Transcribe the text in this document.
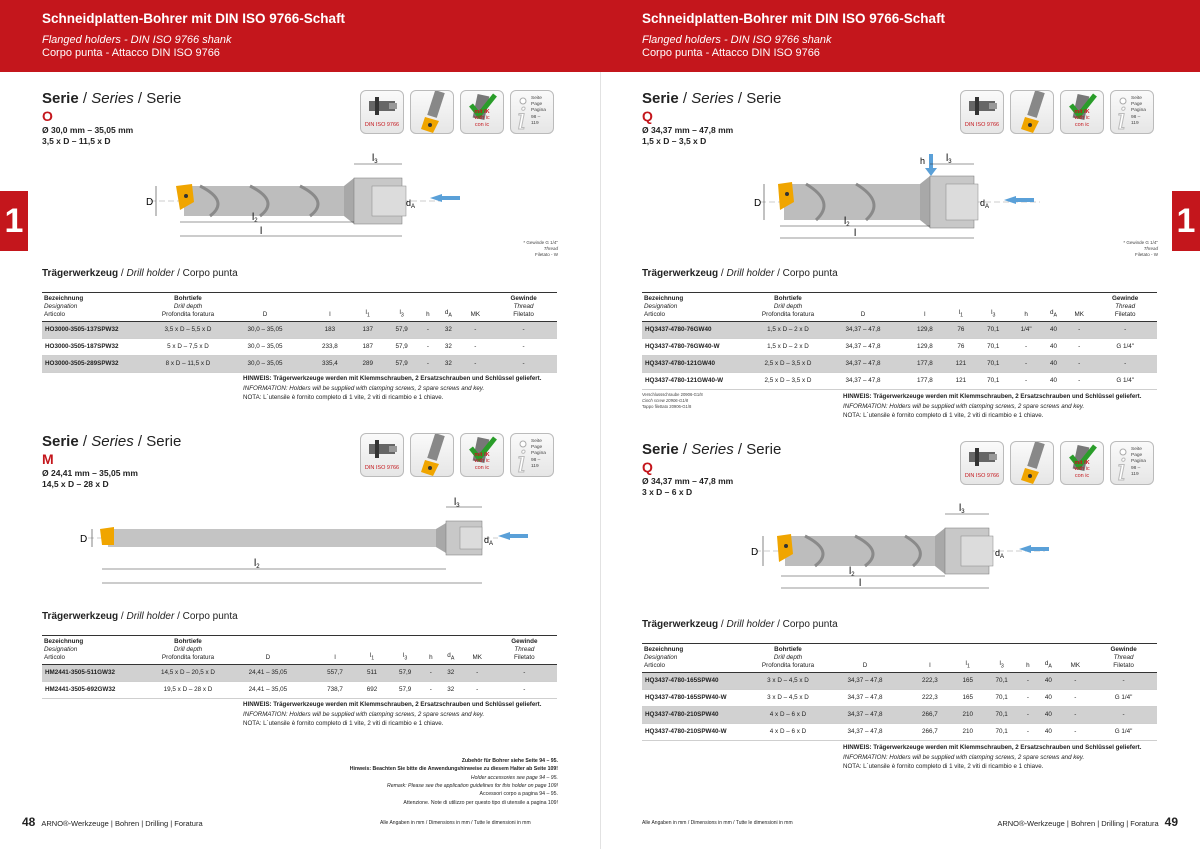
Schneidplatten-Bohrer mit DIN ISO 9766-Schaft
Flanged holders - DIN ISO 9766 shank
Corpo punta - Attacco DIN ISO 9766
1
Serie / Series / Serie
O
Ø 30,0 mm – 35,05 mm
3,5 x D – 11,5 x D
DIN ISO 9766
mit IK
with ic
con ic i
Seite
Page
Pagina
98 – 119
D
$l_3$
$l_2$
l
$d_A$
* Gewinde G 1/4"
Thread
Filetato - W
Trägerwerkzeug / Drill holder / Corpo punta
Bezeichnung
Designation
Articolo	Bohrtiefe
Drill depth
Profondita foratura	D	l	$l_1$	$l_3$	h	$d_A$	MK	Gewinde
Thread
Filetato
HO3000-3505-137SPW32	3,5 x D – 5,5 x D	30,0 – 35,05	183	137	57,9	-	32	-	-
HO3000-3505-187SPW32	5 x D – 7,5 x D	30,0 – 35,05	233,8	187	57,9	-	32	-	-
HO3000-3505-289SPW32	8 x D – 11,5 x D	30,0 – 35,05	335,4	289	57,9	-	32	-	-
HINWEIS: Trägerwerkzeuge werden mit Klemmschrauben, 2 Ersatzschrauben und Schlüssel geliefert.
INFORMATION: Holders will be supplied with clamping screws, 2 spare screws and key.
NOTA: L´utensile è fornito completo di 1 vite, 2 viti di ricambio e 1 chiave.
Serie / Series / Serie
M
Ø 24,41 mm – 35,05 mm
14,5 x D – 28 x D
DIN ISO 9766
mit IK
with ic
con ic i
Seite
Page
Pagina
98 – 119
D
$l_3$
$l_2$
$d_A$
Trägerwerkzeug / Drill holder / Corpo punta
Bezeichnung
Designation
Articolo	Bohrtiefe
Drill depth
Profondita foratura	D	l	$l_1$	$l_3$	h	$d_A$	MK	Gewinde
Thread
Filetato
HM2441-3505-511GW32	14,5 x D – 20,5 x D	24,41 – 35,05	557,7	511	57,9	-	32	-	-
HM2441-3505-692GW32	19,5 x D – 28 x D	24,41 – 35,05	738,7	692	57,9	-	32	-	-
HINWEIS: Trägerwerkzeuge werden mit Klemmschrauben, 2 Ersatzschrauben und Schlüssel geliefert.
INFORMATION: Holders will be supplied with clamping screws, 2 spare screws and key.
NOTA: L´utensile è fornito completo di 1 vite, 2 viti di ricambio e 1 chiave.
Zubehör für Bohrer siehe Seite 94 – 95.
Hinweis: Beachten Sie bitte die Anwendungshinweise zu diesem Halter ab Seite 109!
Holder accessories see page 94 – 95.
Remark: Please see the application guidelines for this holder on page 109!
Accessori corpo a pagina 94 – 95.
Attenzione. Note di utilizzo per questo tipo di utensile a pagina 109!
48 ARNO®-Werkzeuge | Bohren | Drilling | Foratura	Alle Angaben in mm / Dimensions in mm / Tutte le dimensioni in mm
Schneidplatten-Bohrer mit DIN ISO 9766-Schaft
Flanged holders - DIN ISO 9766 shank
Corpo punta - Attacco DIN ISO 9766
1
Serie / Series / Serie
Q
Ø 34,37 mm – 47,8 mm
1,5 x D – 3,5 x D
DIN ISO 9766
mit IK
with ic
con ic i
Seite
Page
Pagina
98 – 119
h
D
$l_3$
$l_2$
l
$d_A$
* Gewinde G 1/4"
Thread
Filetato - W
Trägerwerkzeug / Drill holder / Corpo punta
Bezeichnung
Designation
Articolo	Bohrtiefe
Drill depth
Profondita foratura	D	l	$l_1$	$l_3$	h	$d_A$	MK	Gewinde
Thread
Filetato
HQ3437-4780-76GW40	1,5 x D – 2 x D	34,37 – 47,8	129,8	76	70,1	1/4"	40	-	-
HQ3437-4780-76GW40-W	1,5 x D – 2 x D	34,37 – 47,8	129,8	76	70,1	-	40	-	G 1/4"
HQ3437-4780-121GW40	2,5 x D – 3,5 x D	34,37 – 47,8	177,8	121	70,1	-	40	-	-
HQ3437-4780-121GW40-W	2,5 x D – 3,5 x D	34,37 – 47,8	177,8	121	70,1	-	40	-	G 1/4"
Verschlussschraube 20906-G1/8
Cinch screw 20906-G1/8
Tappo filettato 20906-G1/8
HINWEIS: Trägerwerkzeuge werden mit Klemmschrauben, 2 Ersatzschrauben und Schlüssel geliefert.
INFORMATION: Holders will be supplied with clamping screws, 2 spare screws and key.
NOTA: L´utensile è fornito completo di 1 vite, 2 viti di ricambio e 1 chiave.
Serie / Series / Serie
Q
Ø 34,37 mm – 47,8 mm
3 x D – 6 x D
DIN ISO 9766
mit IK
with ic
con ic i
Seite
Page
Pagina
98 – 119
D
$l_3$
$l_2$
l
$d_A$
Trägerwerkzeug / Drill holder / Corpo punta
Bezeichnung
Designation
Articolo	Bohrtiefe
Drill depth
Profondita foratura	D	l	$l_1$	$l_3$	h	$d_A$	MK	Gewinde
Thread
Filetato
HQ3437-4780-165SPW40	3 x D – 4,5 x D	34,37 – 47,8	222,3	165	70,1	-	40	-	-
HQ3437-4780-165SPW40-W	3 x D – 4,5 x D	34,37 – 47,8	222,3	165	70,1	-	40	-	G 1/4"
HQ3437-4780-210SPW40	4 x D – 6 x D	34,37 – 47,8	266,7	210	70,1	-	40	-	-
HQ3437-4780-210SPW40-W	4 x D – 6 x D	34,37 – 47,8	266,7	210	70,1	-	40	-	G 1/4"
HINWEIS: Trägerwerkzeuge werden mit Klemmschrauben, 2 Ersatzschrauben und Schlüssel geliefert.
INFORMATION: Holders will be supplied with clamping screws, 2 spare screws and key.
NOTA: L´utensile è fornito completo di 1 vite, 2 viti di ricambio e 1 chiave.
Alle Angaben in mm / Dimensions in mm / Tutte le dimensioni in mm	ARNO®-Werkzeuge | Bohren | Drilling | Foratura 49
